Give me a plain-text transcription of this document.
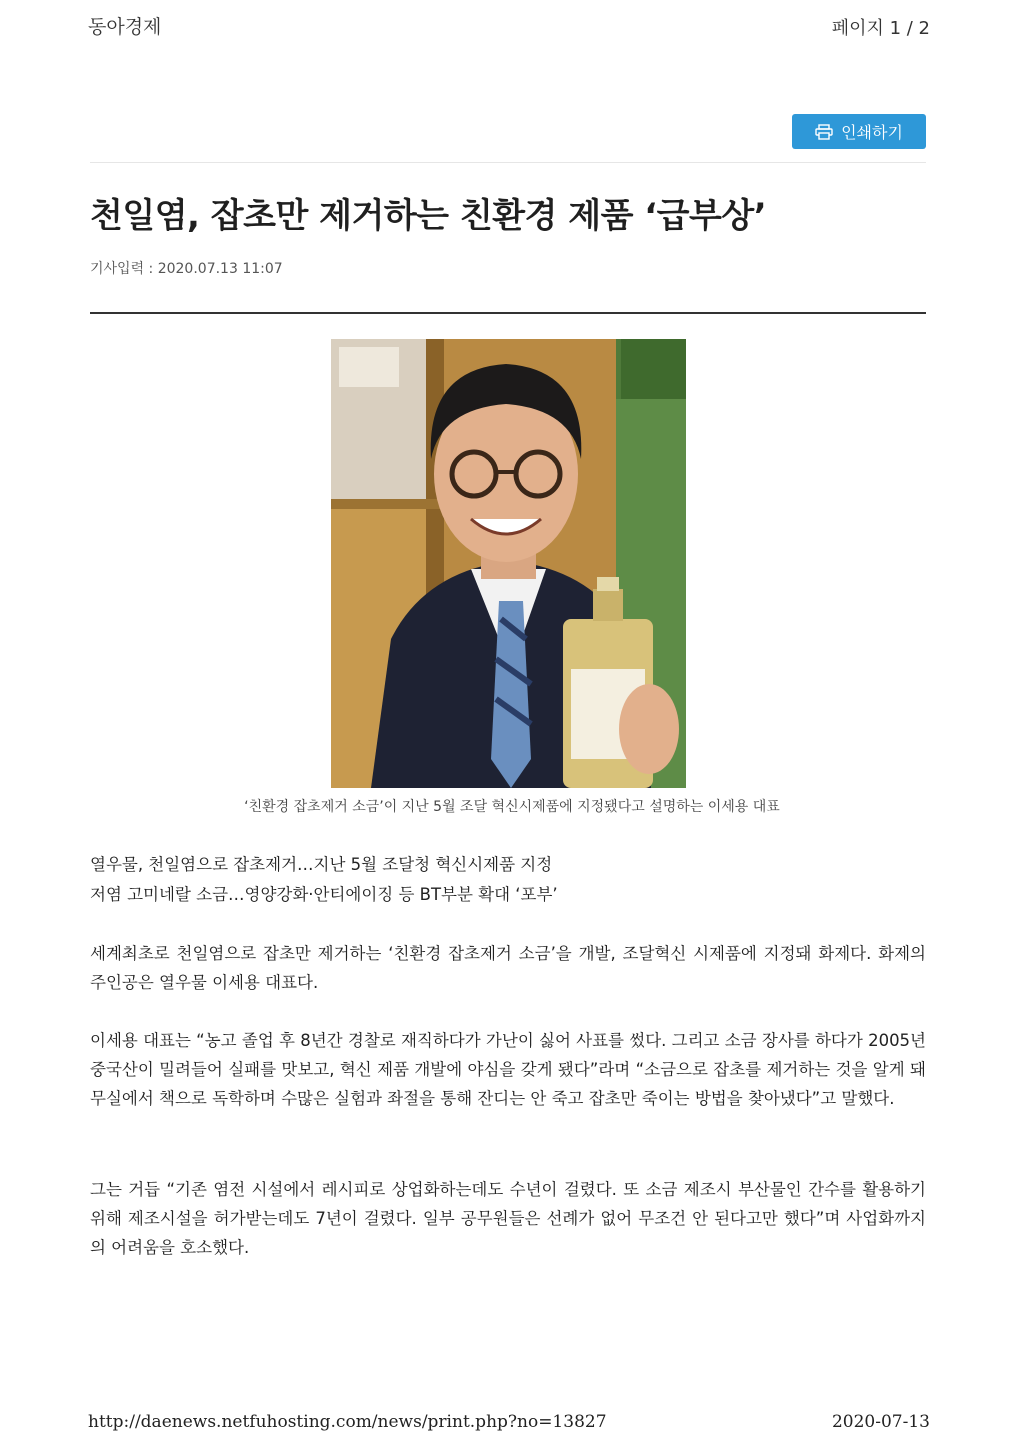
동아경제	페이지 1 / 2
인쇄하기
천일염, 잡초만 제거하는 친환경 제품 ‘급부상’
기사입력 : 2020.07.13 11:07
‘친환경 잡초제거 소금’이 지난 5월 조달 혁신시제품에 지정됐다고 설명하는 이세용 대표
열우물, 천일염으로 잡초제거…지난 5월 조달청 혁신시제품 지정
저염 고미네랄 소금…영양강화·안티에이징 등 BT부분 확대 ‘포부’

세계최초로 천일염으로 잡초만 제거하는 ‘친환경 잡초제거 소금’을 개발, 조달혁신 시제품에 지정돼 화제다. 화제의 주인공은 열우물 이세용 대표다.

이세용 대표는 “농고 졸업 후 8년간 경찰로 재직하다가 가난이 싫어 사표를 썼다. 그리고 소금 장사를 하다가 2005년 중국산이 밀려들어 실패를 맛보고, 혁신 제품 개발에 야심을 갖게 됐다”라며 “소금으로 잡초를 제거하는 것을 알게 돼 무실에서 책으로 독학하며 수많은 실험과 좌절을 통해 잔디는 안 죽고 잡초만 죽이는 방법을 찾아냈다”고 말했다.

그는 거듭 “기존 염전 시설에서 레시피로 상업화하는데도 수년이 걸렸다. 또 소금 제조시 부산물인 간수를 활용하기 위해 제조시설을 허가받는데도 7년이 걸렸다. 일부 공무원들은 선례가 없어 무조건 안 된다고만 했다”며 사업화까지의 어려움을 호소했다.

http://daenews.netfuhosting.com/news/print.php?no=13827	2020-07-13
